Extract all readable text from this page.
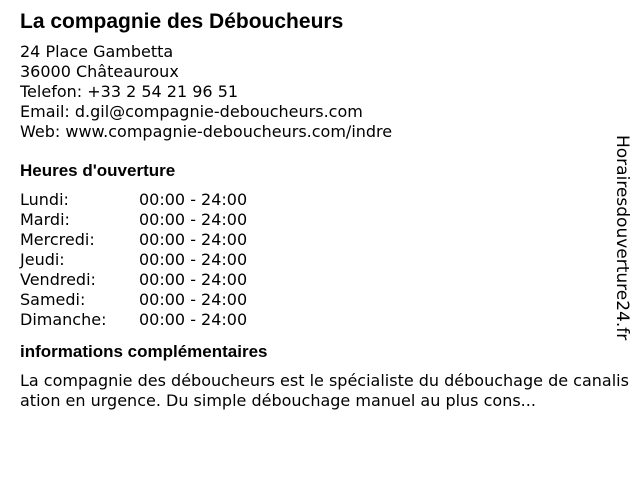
La compagnie des Déboucheurs
24 Place Gambetta
36000 Châteauroux
Telefon: +33 2 54 21 96 51
Email: d.gil@compagnie-deboucheurs.com
Web: www.compagnie-deboucheurs.com/indre
Heures d'ouverture
Lundi:	00:00 - 24:00
Mardi:	00:00 - 24:00
Mercredi:	00:00 - 24:00
Jeudi:	00:00 - 24:00
Vendredi:	00:00 - 24:00
Samedi:	00:00 - 24:00
Dimanche:	00:00 - 24:00
informations complémentaires
La compagnie des déboucheurs est le spécialiste du débouchage de canalisation en urgence. Du simple débouchage manuel au plus cons...
Horairesdouverture24.fr
